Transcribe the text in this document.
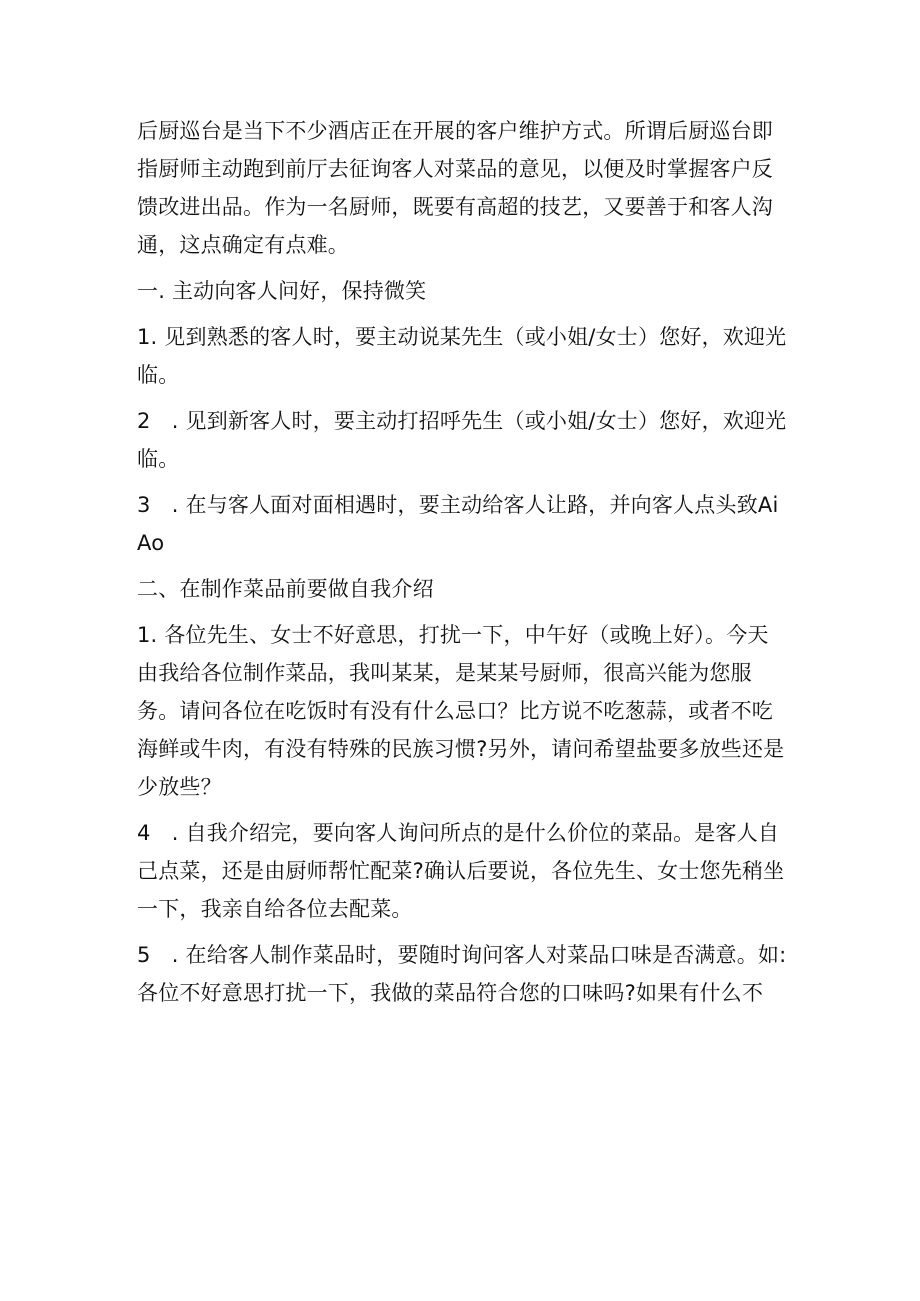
后厨巡台是当下不少酒店正在开展的客户维护方式。所谓后厨巡台即指厨师主动跑到前厅去征询客人对菜品的意见，以便及时掌握客户反馈改进出品。作为一名厨师，既要有高超的技艺，又要善于和客人沟通，这点确定有点难。

一. 主动向客人问好，保持微笑

1. 见到熟悉的客人时，要主动说某先生（或小姐/女士）您好，欢迎光临。

2　. 见到新客人时，要主动打招呼先生（或小姐/女士）您好，欢迎光临。

3　. 在与客人面对面相遇时，要主动给客人让路，并向客人点头致Ai Ao

二、在制作菜品前要做自我介绍

1. 各位先生、女士不好意思，打扰一下，中午好（或晚上好）。今天由我给各位制作菜品，我叫某某，是某某号厨师，很高兴能为您服务。请问各位在吃饭时有没有什么忌口？比方说不吃葱蒜，或者不吃海鲜或牛肉，有没有特殊的民族习惯?另外，请问希望盐要多放些还是少放些？

4　. 自我介绍完，要向客人询问所点的是什么价位的菜品。是客人自己点菜，还是由厨师帮忙配菜?确认后要说，各位先生、女士您先稍坐一下，我亲自给各位去配菜。

5　. 在给客人制作菜品时，要随时询问客人对菜品口味是否满意。如:各位不好意思打扰一下，我做的菜品符合您的口味吗?如果有什么不
